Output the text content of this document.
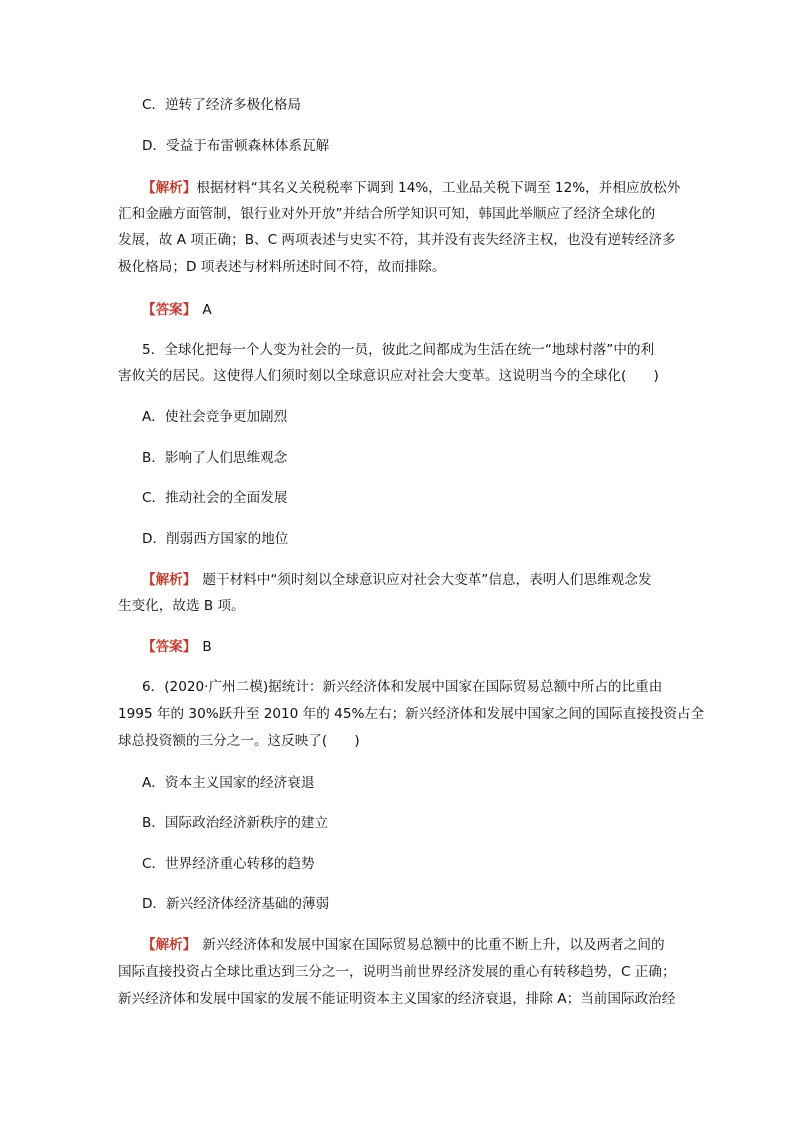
C．逆转了经济多极化格局
D．受益于布雷顿森林体系瓦解
【解析】根据材料“其名义关税税率下调到 14%，工业品关税下调至 12%，并相应放松外
汇和金融方面管制，银行业对外开放”并结合所学知识可知，韩国此举顺应了经济全球化的
发展，故 A 项正确；B、C 两项表述与史实不符，其并没有丧失经济主权，也没有逆转经济多
极化格局；D 项表述与材料所述时间不符，故而排除。
【答案】 A
5．全球化把每一个人变为社会的一员，彼此之间都成为生活在统一“地球村落”中的利
害攸关的居民。这使得人们须时刻以全球意识应对社会大变革。这说明当今的全球化(　　)
A．使社会竞争更加剧烈
B．影响了人们思维观念
C．推动社会的全面发展
D．削弱西方国家的地位
【解析】 题干材料中“须时刻以全球意识应对社会大变革”信息，表明人们思维观念发
生变化，故选 B 项。
【答案】 B
6．(2020·广州二模)据统计：新兴经济体和发展中国家在国际贸易总额中所占的比重由
1995 年的 30%跃升至 2010 年的 45%左右；新兴经济体和发展中国家之间的国际直接投资占全
球总投资额的三分之一。这反映了(　　)
A．资本主义国家的经济衰退
B．国际政治经济新秩序的建立
C．世界经济重心转移的趋势
D．新兴经济体经济基础的薄弱
【解析】 新兴经济体和发展中国家在国际贸易总额中的比重不断上升，以及两者之间的
国际直接投资占全球比重达到三分之一，说明当前世界经济发展的重心有转移趋势，C 正确；
新兴经济体和发展中国家的发展不能证明资本主义国家的经济衰退，排除 A；当前国际政治经
